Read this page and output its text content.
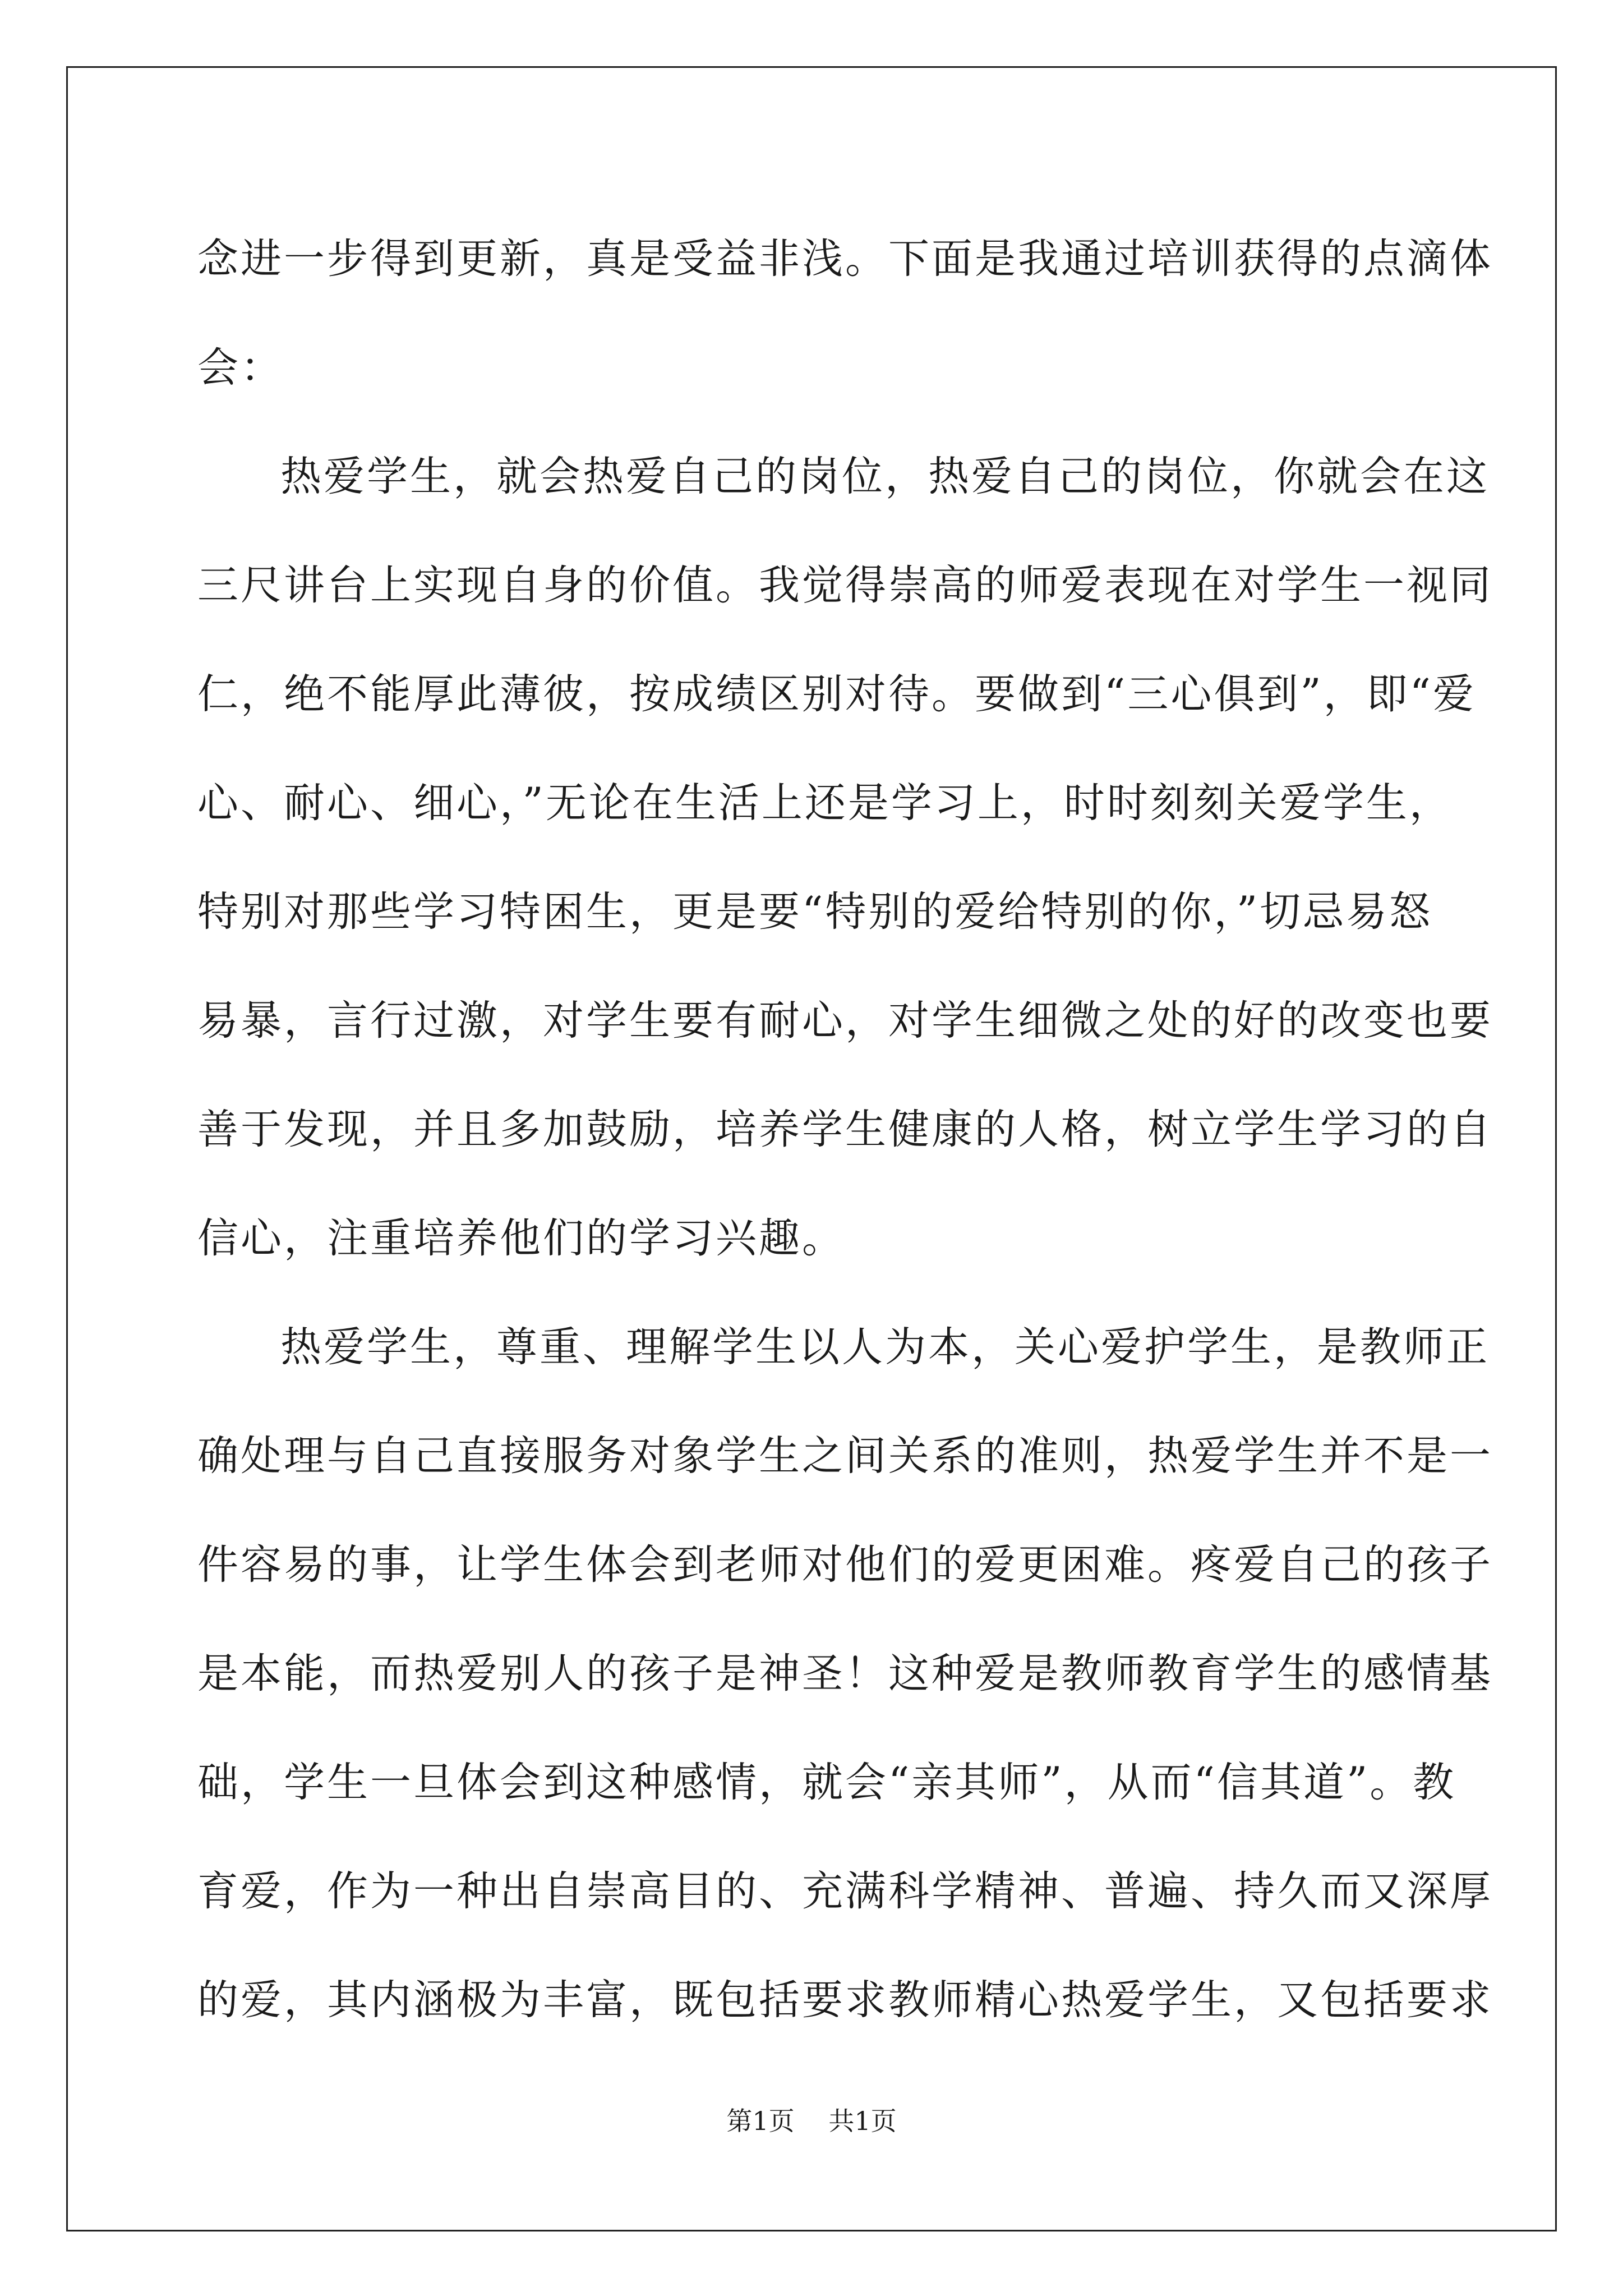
念进一步得到更新，真是受益非浅。下面是我通过培训获得的点滴体
会：
热爱学生，就会热爱自己的岗位，热爱自己的岗位，你就会在这
三尺讲台上实现自身的价值。我觉得崇高的师爱表现在对学生一视同
仁，绝不能厚此薄彼，按成绩区别对待。要做到“三心俱到”，即“爱
心、耐心、细心，”无论在生活上还是学习上，时时刻刻关爱学生，
特别对那些学习特困生，更是要“特别的爱给特别的你，”切忌易怒
易暴，言行过激，对学生要有耐心，对学生细微之处的好的改变也要
善于发现，并且多加鼓励，培养学生健康的人格，树立学生学习的自
信心，注重培养他们的学习兴趣。
热爱学生，尊重、理解学生以人为本，关心爱护学生，是教师正
确处理与自己直接服务对象学生之间关系的准则，热爱学生并不是一
件容易的事，让学生体会到老师对他们的爱更困难。疼爱自己的孩子
是本能，而热爱别人的孩子是神圣！这种爱是教师教育学生的感情基
础，学生一旦体会到这种感情，就会“亲其师”，从而“信其道”。教
育爱，作为一种出自崇高目的、充满科学精神、普遍、持久而又深厚
的爱，其内涵极为丰富，既包括要求教师精心热爱学生，又包括要求
第1页 共1页
